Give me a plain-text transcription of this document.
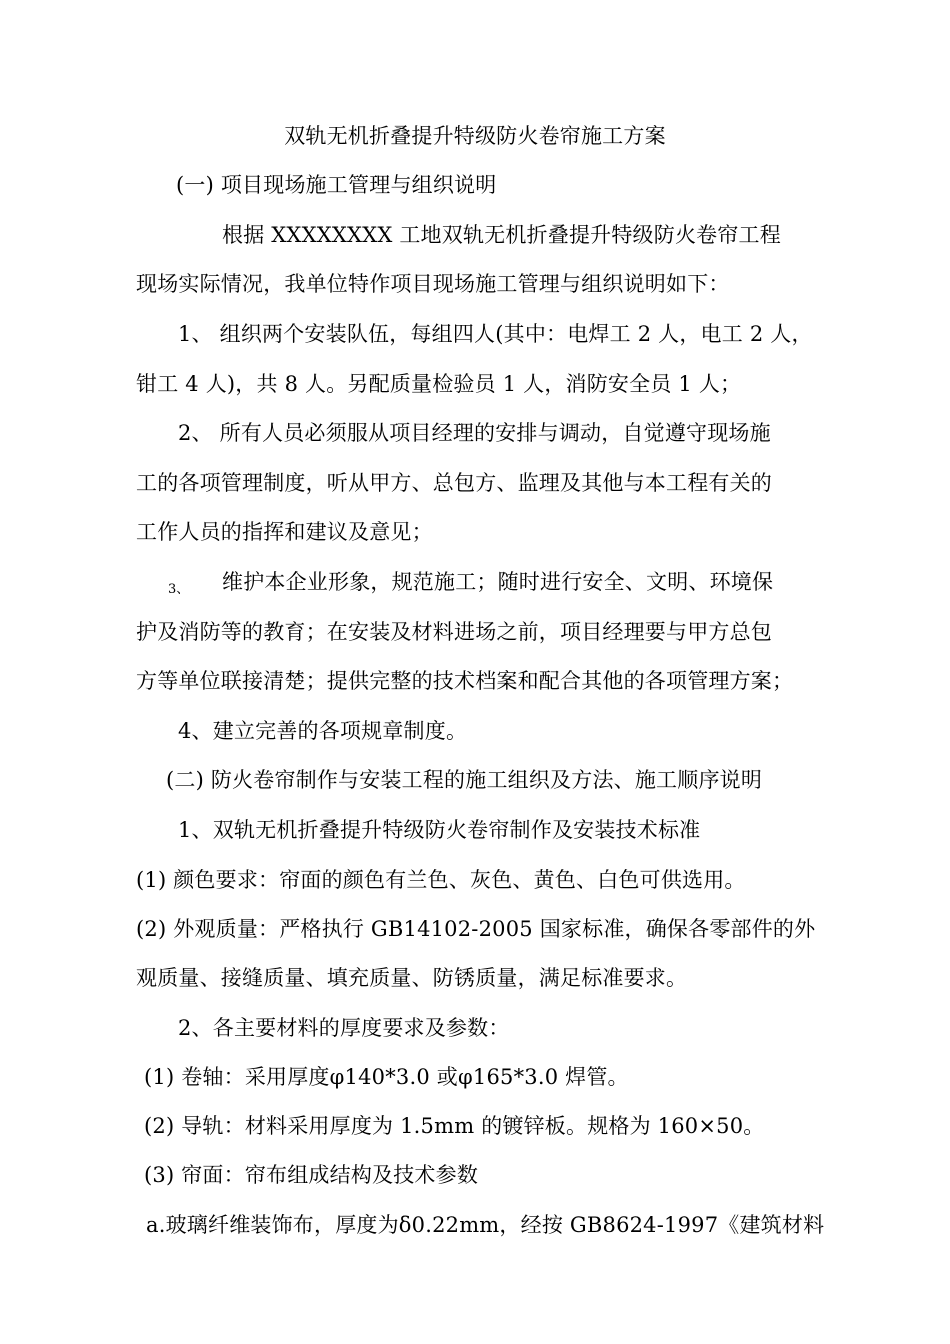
双轨无机折叠提升特级防火卷帘施工方案
(一) 项目现场施工管理与组织说明
根据 XXXXXXXX 工地双轨无机折叠提升特级防火卷帘工程
现场实际情况，我单位特作项目现场施工管理与组织说明如下：
1、 组织两个安装队伍，每组四人(其中：电焊工 2 人，电工 2 人，
钳工 4 人)，共 8 人。另配质量检验员 1 人，消防安全员 1 人；
2、 所有人员必须服从项目经理的安排与调动，自觉遵守现场施
工的各项管理制度，听从甲方、总包方、监理及其他与本工程有关的
工作人员的指挥和建议及意见；
3、 维护本企业形象，规范施工；随时进行安全、文明、环境保
护及消防等的教育；在安装及材料进场之前，项目经理要与甲方总包
方等单位联接清楚；提供完整的技术档案和配合其他的各项管理方案；
4、建立完善的各项规章制度。
(二) 防火卷帘制作与安装工程的施工组织及方法、施工顺序说明
1、双轨无机折叠提升特级防火卷帘制作及安装技术标准
(1) 颜色要求：帘面的颜色有兰色、灰色、黄色、白色可供选用。
(2) 外观质量：严格执行 GB14102-2005 国家标准，确保各零部件的外
观质量、接缝质量、填充质量、防锈质量，满足标准要求。
2、各主要材料的厚度要求及参数：
(1) 卷轴：采用厚度φ140*3.0 或φ165*3.0 焊管。
(2) 导轨：材料采用厚度为 1.5mm 的镀锌板。规格为 160×50。
(3) 帘面：帘布组成结构及技术参数
a.玻璃纤维装饰布，厚度为δ0.22mm，经按 GB8624-1997《建筑材料
